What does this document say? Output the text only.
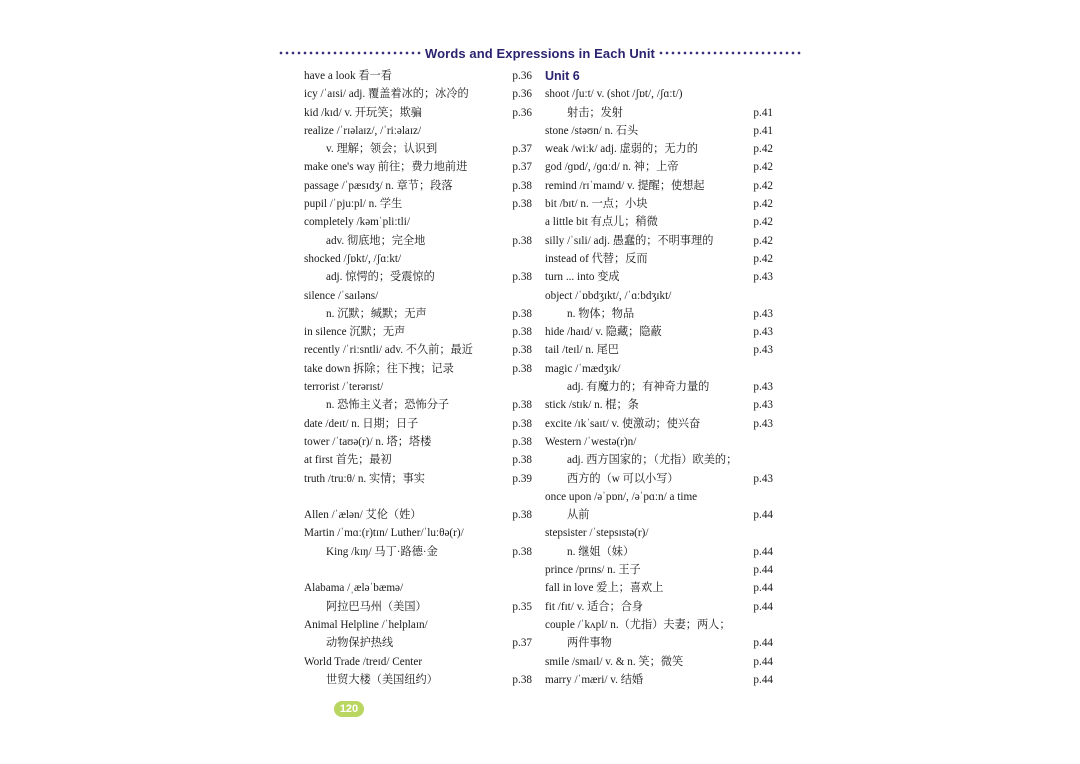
Words and Expressions in Each Unit
have a look 看一看	p.36
icy /ˈaɪsi/ adj. 覆盖着冰的；冰冷的	p.36
kid /kɪd/ v. 开玩笑；欺骗	p.36
realize /ˈrɪəlaɪz/, /ˈriːəlaɪz/
v. 理解；领会；认识到	p.37
make one's way 前往；费力地前进	p.37
passage /ˈpæsɪdʒ/ n. 章节；段落	p.38
pupil /ˈpjuːpl/ n. 学生	p.38
completely /kəmˈpliːtli/
adv. 彻底地；完全地	p.38
shocked /ʃɒkt/, /ʃɑːkt/
adj. 惊愕的；受震惊的	p.38
silence /ˈsaɪləns/
n. 沉默；缄默；无声	p.38
in silence 沉默；无声	p.38
recently /ˈriːsntli/ adv. 不久前；最近	p.38
take down 拆除；往下拽；记录	p.38
terrorist /ˈterərɪst/
n. 恐怖主义者；恐怖分子	p.38
date /deɪt/ n. 日期；日子	p.38
tower /ˈtaʊə(r)/ n. 塔；塔楼	p.38
at first 首先；最初	p.38
truth /truːθ/ n. 实情；事实	p.39
Allen /ˈælən/ 艾伦（姓）	p.38
Martin /ˈmɑː(r)tɪn/ Luther/ˈluːθə(r)/
King /kɪŋ/ 马丁·路德·金	p.38
Alabama /ˌæləˈbæmə/
阿拉巴马州（美国）	p.35
Animal Helpline /ˈhelplaɪn/
动物保护热线	p.37
World Trade /treɪd/ Center
世贸大楼（美国纽约）	p.38
Unit 6
shoot /ʃuːt/ v. (shot /ʃɒt/, /ʃɑːt/)
射击；发射	p.41
stone /stəʊn/ n. 石头	p.41
weak /wiːk/ adj. 虚弱的；无力的	p.42
god /ɡɒd/, /ɡɑːd/ n. 神；上帝	p.42
remind /rɪˈmaɪnd/ v. 提醒；使想起	p.42
bit /bɪt/ n. 一点；小块	p.42
a little bit 有点儿；稍微	p.42
silly /ˈsɪli/ adj. 愚蠢的；不明事理的	p.42
instead of 代替；反而	p.42
turn ... into 变成	p.43
object /ˈɒbdʒɪkt/, /ˈɑːbdʒɪkt/
n. 物体；物品	p.43
hide /haɪd/ v. 隐藏；隐蔽	p.43
tail /teɪl/ n. 尾巴	p.43
magic /ˈmædʒɪk/
adj. 有魔力的；有神奇力量的	p.43
stick /stɪk/ n. 棍；条	p.43
excite /ɪkˈsaɪt/ v. 使激动；使兴奋	p.43
Western /ˈwestə(r)n/
adj. 西方国家的；（尤指）欧美的；
西方的（w 可以小写）	p.43
once upon /əˈpɒn/, /əˈpɑːn/ a time
从前	p.44
stepsister /ˈstepsɪstə(r)/
n. 继姐（妹）	p.44
prince /prɪns/ n. 王子	p.44
fall in love 爱上；喜欢上	p.44
fit /fɪt/ v. 适合；合身	p.44
couple /ˈkʌpl/ n.（尤指）夫妻；两人；
两件事物	p.44
smile /smaɪl/ v. & n. 笑；微笑	p.44
marry /ˈmæri/ v. 结婚	p.44
120
